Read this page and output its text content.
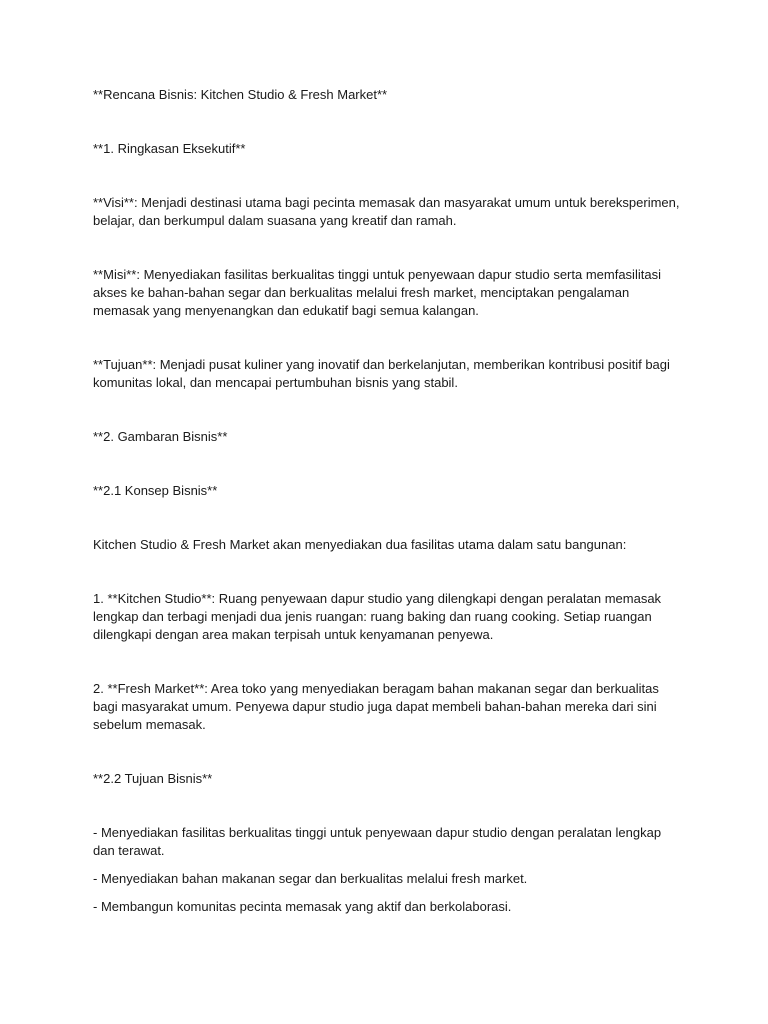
**Rencana Bisnis: Kitchen Studio & Fresh Market**

**1. Ringkasan Eksekutif**

**Visi**: Menjadi destinasi utama bagi pecinta memasak dan masyarakat umum untuk bereksperimen, belajar, dan berkumpul dalam suasana yang kreatif dan ramah.

**Misi**: Menyediakan fasilitas berkualitas tinggi untuk penyewaan dapur studio serta memfasilitasi akses ke bahan-bahan segar dan berkualitas melalui fresh market, menciptakan pengalaman memasak yang menyenangkan dan edukatif bagi semua kalangan.

**Tujuan**: Menjadi pusat kuliner yang inovatif dan berkelanjutan, memberikan kontribusi positif bagi komunitas lokal, dan mencapai pertumbuhan bisnis yang stabil.

**2. Gambaran Bisnis**

**2.1 Konsep Bisnis**

Kitchen Studio & Fresh Market akan menyediakan dua fasilitas utama dalam satu bangunan:

1. **Kitchen Studio**: Ruang penyewaan dapur studio yang dilengkapi dengan peralatan memasak lengkap dan terbagi menjadi dua jenis ruangan: ruang baking dan ruang cooking. Setiap ruangan dilengkapi dengan area makan terpisah untuk kenyamanan penyewa.

2. **Fresh Market**: Area toko yang menyediakan beragam bahan makanan segar dan berkualitas bagi masyarakat umum. Penyewa dapur studio juga dapat membeli bahan-bahan mereka dari sini sebelum memasak.

**2.2 Tujuan Bisnis**

- Menyediakan fasilitas berkualitas tinggi untuk penyewaan dapur studio dengan peralatan lengkap dan terawat.

- Menyediakan bahan makanan segar dan berkualitas melalui fresh market.

- Membangun komunitas pecinta memasak yang aktif dan berkolaborasi.
